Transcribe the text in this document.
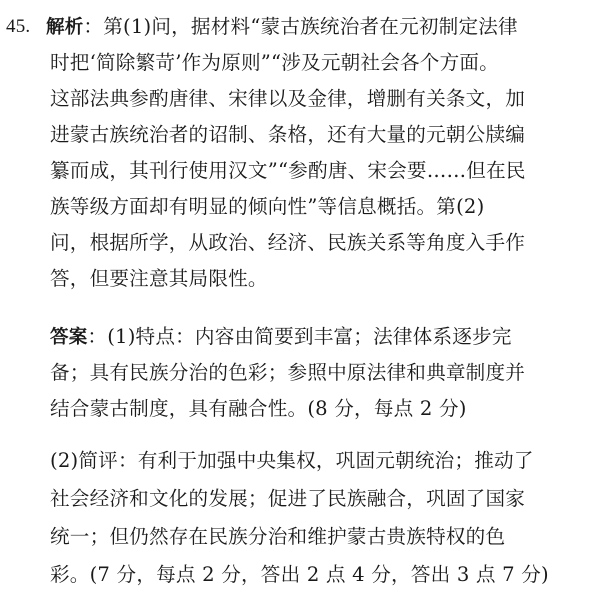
45. 解析：第(1)问，据材料“蒙古族统治者在元初制定法律
时把‘简除繁苛’作为原则”“涉及元朝社会各个方面。
这部法典参酌唐律、宋律以及金律，增删有关条文，加
进蒙古族统治者的诏制、条格，还有大量的元朝公牍编
纂而成，其刊行使用汉文”“参酌唐、宋会要……但在民
族等级方面却有明显的倾向性”等信息概括。第(2)
问，根据所学，从政治、经济、民族关系等角度入手作
答，但要注意其局限性。
答案：(1)特点：内容由简要到丰富；法律体系逐步完
备；具有民族分治的色彩；参照中原法律和典章制度并
结合蒙古制度，具有融合性。(8 分，每点 2 分)
(2)简评：有利于加强中央集权，巩固元朝统治；推动了
社会经济和文化的发展；促进了民族融合，巩固了国家
统一；但仍然存在民族分治和维护蒙古贵族特权的色
彩。(7 分，每点 2 分，答出 2 点 4 分，答出 3 点 7 分)
